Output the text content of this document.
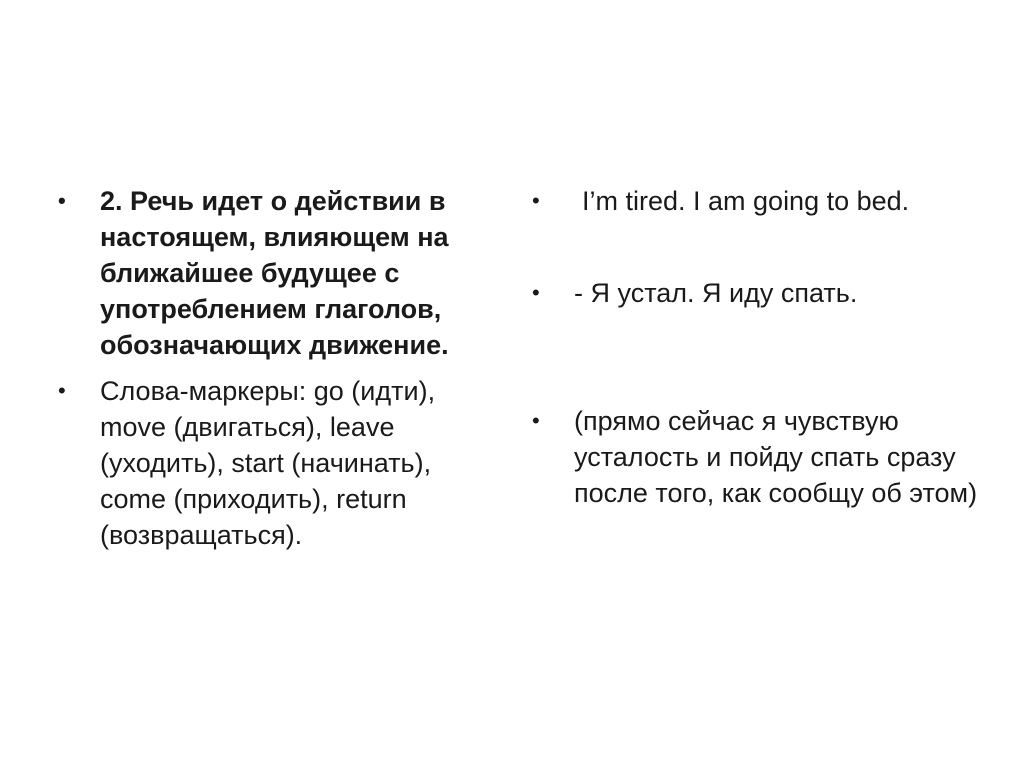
•	2. Речь идет о действии в настоящем, влияющем на ближайшее будущее с употреблением глаголов, обозначающих движение.
•	Слова-маркеры: go (идти), move (двигаться), leave (уходить), start (начинать), come (приходить), return (возвращаться).
•	I’m tired. I am going to bed.
•	- Я устал. Я иду спать.
•	(прямо сейчас я чувствую усталость и пойду спать сразу после того, как сообщу об этом)
